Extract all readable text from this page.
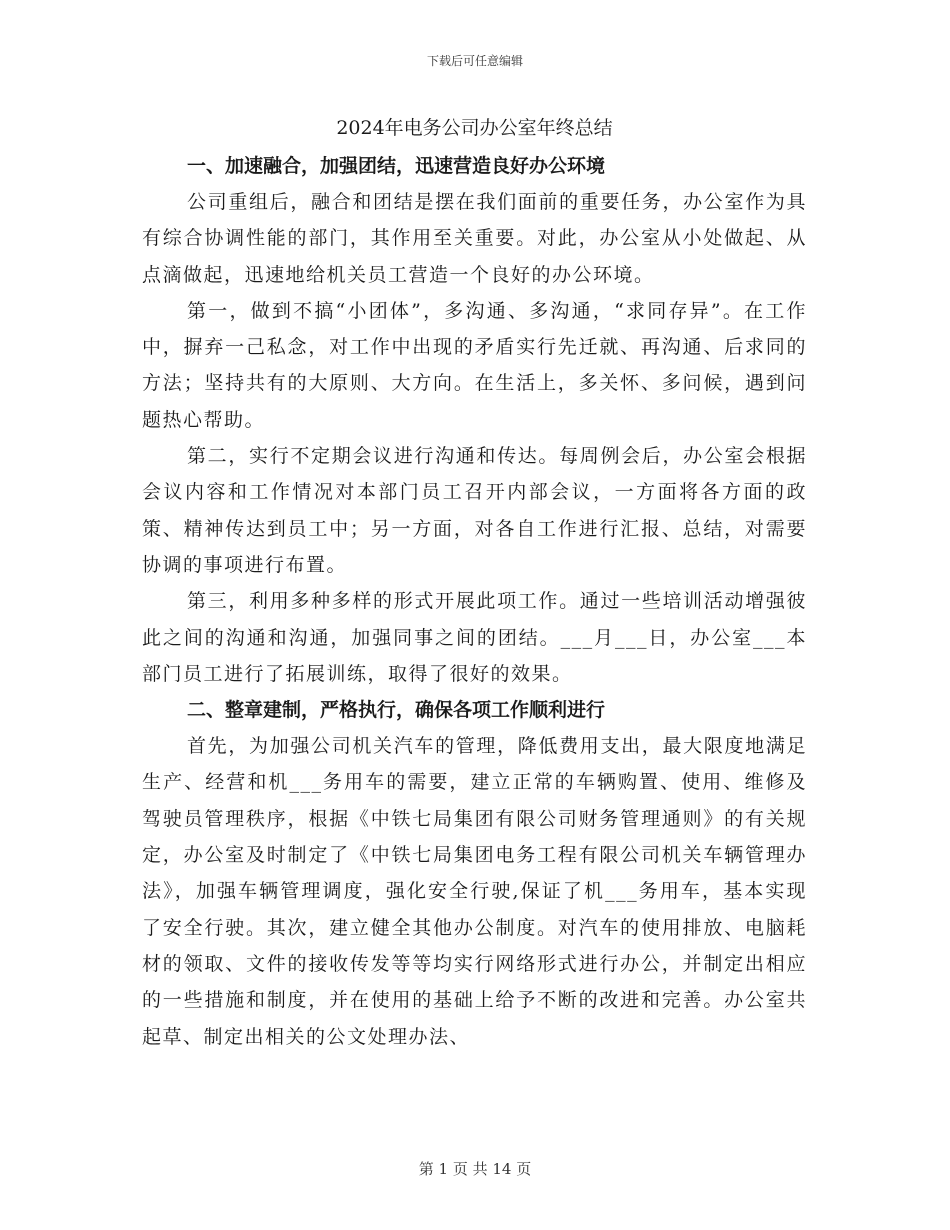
下载后可任意编辑
2024年电务公司办公室年终总结
一、加速融合，加强团结，迅速营造良好办公环境

公司重组后，融合和团结是摆在我们面前的重要任务，办公室作为具有综合协调性能的部门，其作用至关重要。对此，办公室从小处做起、从点滴做起，迅速地给机关员工营造一个良好的办公环境。

第一，做到不搞“小团体”，多沟通、多沟通，“求同存异”。在工作中，摒弃一己私念，对工作中出现的矛盾实行先迁就、再沟通、后求同的方法；坚持共有的大原则、大方向。在生活上，多关怀、多问候，遇到问题热心帮助。

第二，实行不定期会议进行沟通和传达。每周例会后，办公室会根据会议内容和工作情况对本部门员工召开内部会议，一方面将各方面的政策、精神传达到员工中；另一方面，对各自工作进行汇报、总结，对需要协调的事项进行布置。

第三，利用多种多样的形式开展此项工作。通过一些培训活动增强彼此之间的沟通和沟通，加强同事之间的团结。___月___日，办公室___本部门员工进行了拓展训练，取得了很好的效果。

二、整章建制，严格执行，确保各项工作顺利进行

首先，为加强公司机关汽车的管理，降低费用支出，最大限度地满足生产、经营和机___务用车的需要，建立正常的车辆购置、使用、维修及驾驶员管理秩序，根据《中铁七局集团有限公司财务管理通则》的有关规定，办公室及时制定了《中铁七局集团电务工程有限公司机关车辆管理办法》，加强车辆管理调度，强化安全行驶,保证了机___务用车，基本实现了安全行驶。其次，建立健全其他办公制度。对汽车的使用排放、电脑耗材的领取、文件的接收传发等等均实行网络形式进行办公，并制定出相应的一些措施和制度，并在使用的基础上给予不断的改进和完善。办公室共起草、制定出相关的公文处理办法、

第 1 页 共 14 页
